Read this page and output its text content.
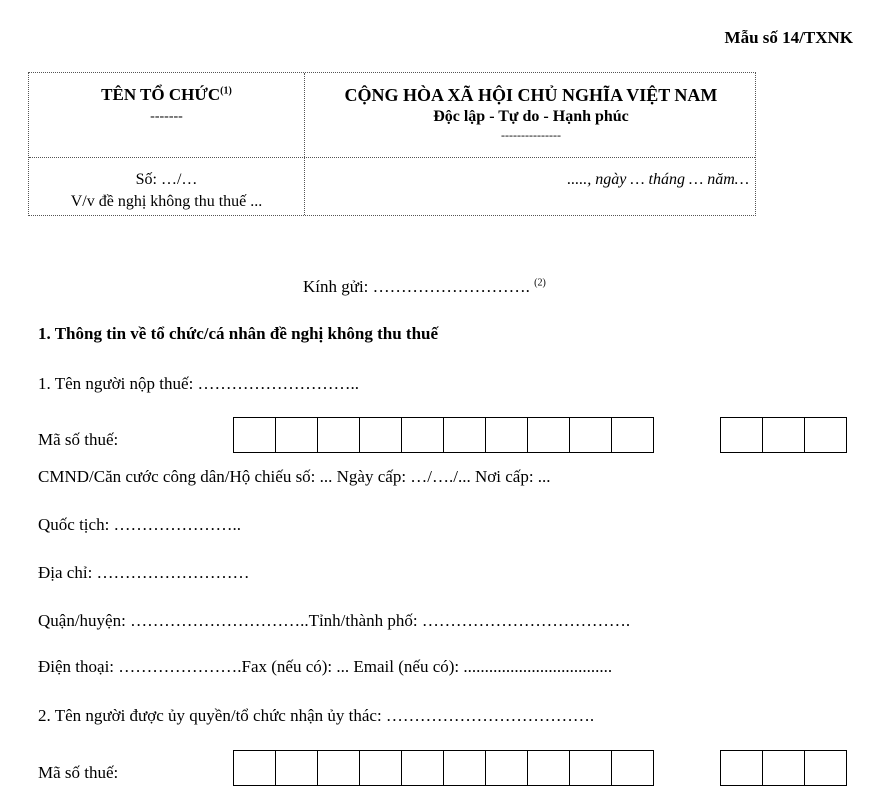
Mẫu số 14/TXNK
TÊN TỔ CHỨC$^{(1)}$
-------
CỘNG HÒA XÃ HỘI CHỦ NGHĨA VIỆT NAM
Độc lập - Tự do - Hạnh phúc
---------------
Số: …/…
V/v đề nghị không thu thuế ...
....., ngày … tháng … năm…
Kính gửi: ………………………. $^{(2)}$
1. Thông tin về tổ chức/cá nhân đề nghị không thu thuế
1. Tên người nộp thuế: ………………………..
Mã số thuế:
CMND/Căn cước công dân/Hộ chiếu số: ... Ngày cấp: …/…./... Nơi cấp: ...
Quốc tịch: …………………..
Địa chỉ: ………………………
Quận/huyện: …………………………..Tỉnh/thành phố: ……………………………….
Điện thoại: ………………….Fax (nếu có): ... Email (nếu có): ...................................
2. Tên người được ủy quyền/tổ chức nhận ủy thác: ……………………………….
Mã số thuế:
